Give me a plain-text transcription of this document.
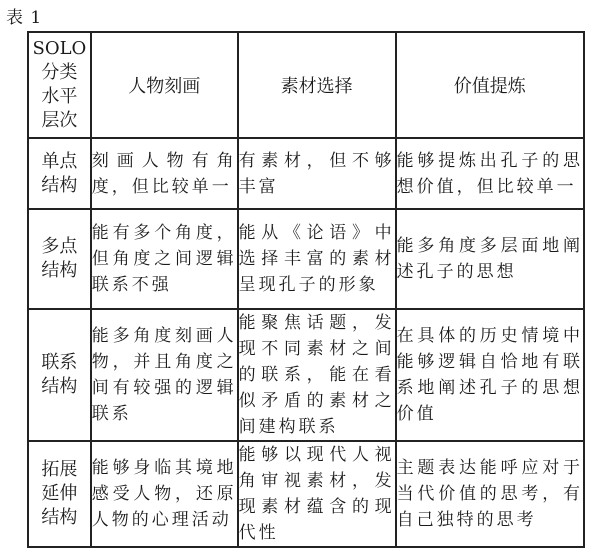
表 1
SOLO
分类
水平
层次	人物刻画	素材选择	价值提炼

单点
结构	刻画人物有角度，但比较单一	有素材，但不够丰富	能够提炼出孔子的思想价值，但比较单一

多点
结构	能有多个角度，但角度之间逻辑联系不强	能从《论语》中选择丰富的素材呈现孔子的形象	能多角度多层面地阐述孔子的思想

联系
结构	能多角度刻画人物，并且角度之间有较强的逻辑联系	能聚焦话题，发现不同素材之间的联系，能在看似矛盾的素材之间建构联系	在具体的历史情境中能够逻辑自恰地有联系地阐述孔子的思想价值

拓展
延伸
结构	能够身临其境地感受人物，还原人物的心理活动	能够以现代人视角审视素材，发现素材蕴含的现代性	主题表达能呼应对于当代价值的思考，有自己独特的思考
